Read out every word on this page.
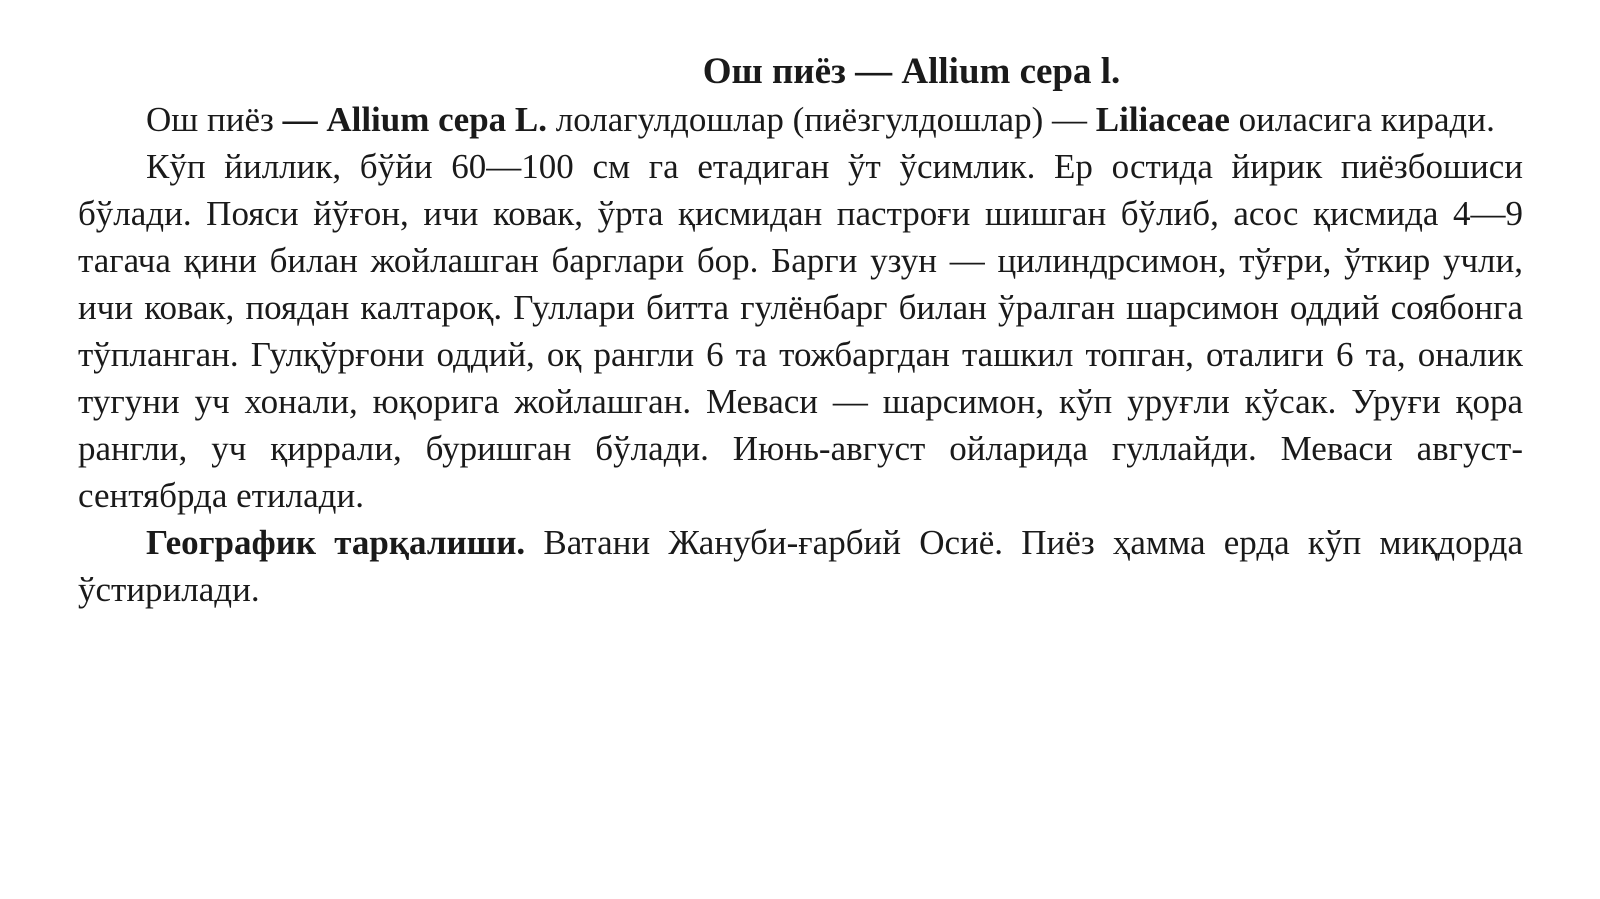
Ош пиёз — Allium cepa l.

Ош пиёз — Allium cepa L. лолагулдошлар (пиёзгулдошлар) — Liliaceae оиласига киради.

Кўп йиллик, бўйи 60—100 см га етадиган ўт ўсимлик. Ер остида йирик пиёзбошиси бўлади. Пояси йўғон, ичи ковак, ўрта қисмидан пастроғи шишган бўлиб, асос қисмида 4—9 тагача қини билан жойлашган барглари бор. Барги узун — цилиндрсимон, тўғри, ўткир учли, ичи ковак, поядан калтароқ. Гуллари битта гулёнбарг билан ўралган шарсимон оддий соябонга тўпланган. Гулқўрғони оддий, оқ рангли 6 та тожбаргдан ташкил топган, оталиги 6 та, оналик тугуни уч хонали, юқорига жойлашган. Меваси — шарсимон, кўп уруғли кўсак. Уруғи қора рангли, уч қиррали, буришган бўлади. Июнь-август ойларида гуллайди. Меваси август-сентябрда етилади.

Географик тарқалиши. Ватани Жануби-ғарбий Осиё. Пиёз ҳамма ерда кўп миқдорда ўстирилади.
